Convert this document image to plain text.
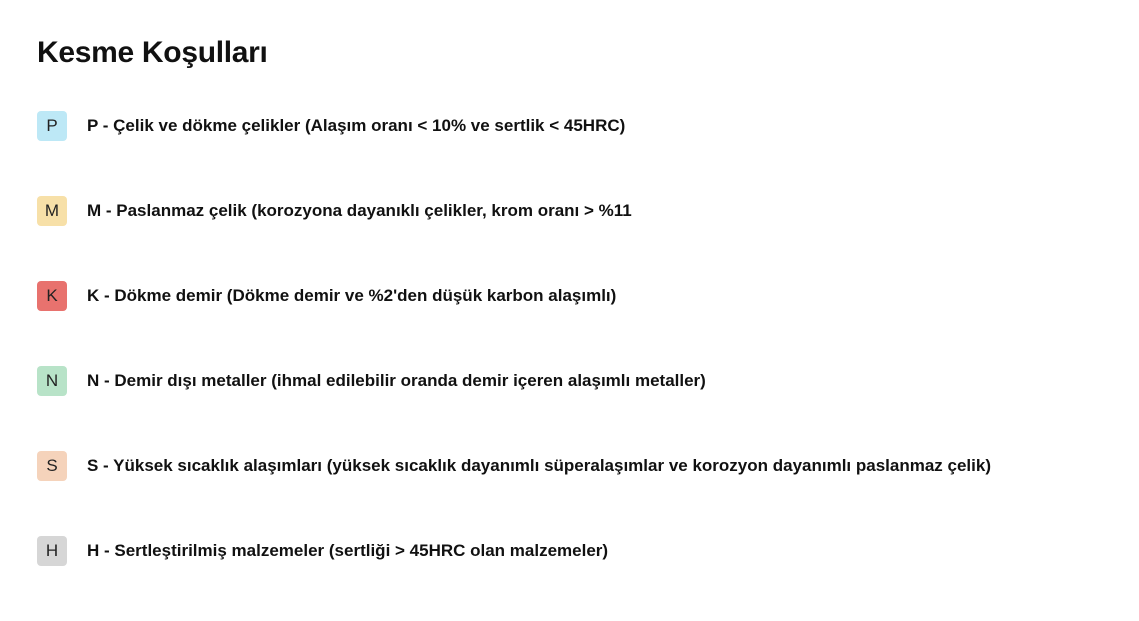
Kesme Koşulları
P	P - Çelik ve dökme çelikler (Alaşım oranı < 10% ve sertlik < 45HRC)
M	M - Paslanmaz çelik (korozyona dayanıklı çelikler, krom oranı > %11
K	K - Dökme demir (Dökme demir ve %2'den düşük karbon alaşımlı)
N	N - Demir dışı metaller (ihmal edilebilir oranda demir içeren alaşımlı metaller)
S	S - Yüksek sıcaklık alaşımları (yüksek sıcaklık dayanımlı süperalaşımlar ve korozyon dayanımlı paslanmaz çelik)
H	H - Sertleştirilmiş malzemeler (sertliği > 45HRC olan malzemeler)
